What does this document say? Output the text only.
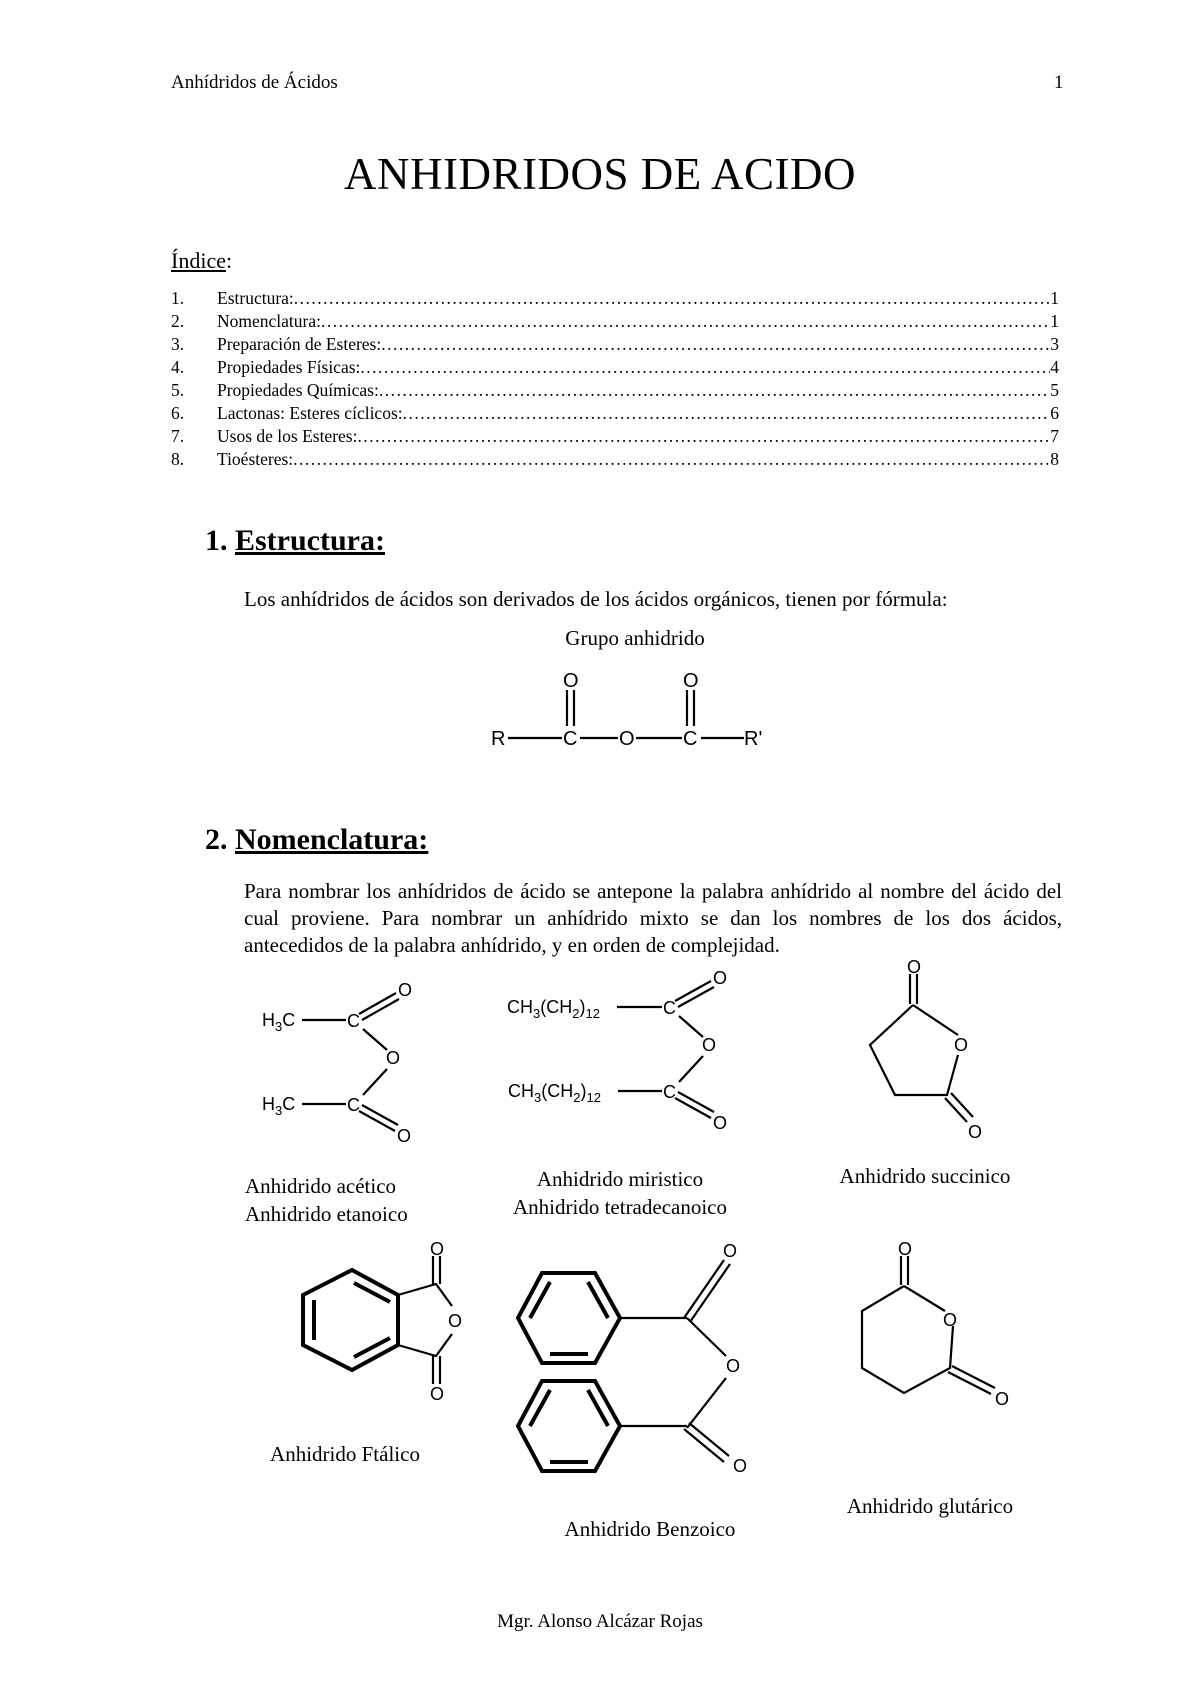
Anhídridos de Ácidos	1
ANHIDRIDOS DE ACIDO
Índice:
1.	Estructura: .....	1
2.	Nomenclatura: .....	1
3.	Preparación de Esteres: .....	3
4.	Propiedades Físicas: .....	4
5.	Propiedades Químicas: .....	5
6.	Lactonas: Esteres cíclicos: .....	6
7.	Usos de los Esteres: .....	7
8.	Tioésteres: .....	8
1. Estructura:
Los anhídridos de ácidos son derivados de los ácidos orgánicos, tienen por fórmula:
Grupo anhidrido
R	C O C R'
O	O
2. Nomenclatura:
Para nombrar los anhídridos de ácido se antepone la palabra anhídrido al nombre del ácido del cual proviene. Para nombrar un anhídrido mixto se dan los nombres de los dos ácidos, antecedidos de la palabra anhídrido, y en orden de complejidad.
$H_3C$	C
O
O
$H_3C$	C
O
Anhidrido acético
Anhidrido etanoico
$CH_3(CH_2)_{12}$	C
O
O
$CH_3(CH_2)_{12}$	C
O
Anhidrido miristico
Anhidrido tetradecanoico
O
O
O
Anhidrido succinico
O
O
O
Anhidrido Ftálico
O
O
O
Anhidrido Benzoico
O
O
O
Anhidrido glutárico
Mgr. Alonso Alcázar Rojas
